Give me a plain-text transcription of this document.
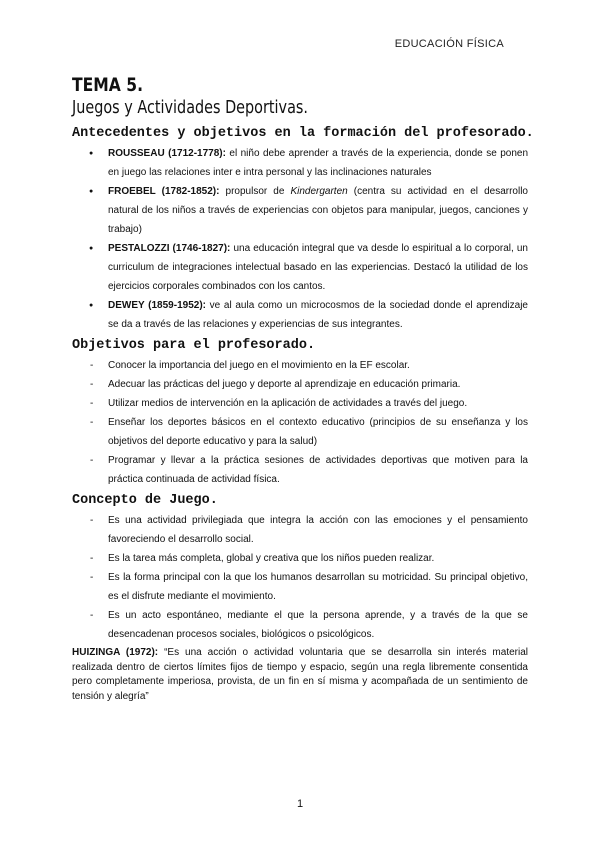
EDUCACIÓN FÍSICA
TEMA 5.
Juegos y Actividades Deportivas.
Antecedentes y objetivos en la formación del profesorado.
● ROUSSEAU (1712-1778): el niño debe aprender a través de la experiencia, donde se ponen en juego las relaciones inter e intra personal y las inclinaciones naturales
● FROEBEL (1782-1852): propulsor de Kindergarten (centra su actividad en el desarrollo natural de los niños a través de experiencias con objetos para manipular, juegos, canciones y trabajo)
● PESTALOZZI (1746-1827): una educación integral que va desde lo espiritual a lo corporal, un curriculum de integraciones intelectual basado en las experiencias. Destacó la utilidad de los ejercicios corporales combinados con los cantos.
● DEWEY (1859-1952): ve al aula como un microcosmos de la sociedad donde el aprendizaje se da a través de las relaciones y experiencias de sus integrantes.
Objetivos para el profesorado.
- Conocer la importancia del juego en el movimiento en la EF escolar.
- Adecuar las prácticas del juego y deporte al aprendizaje en educación primaria.
- Utilizar medios de intervención en la aplicación de actividades a través del juego.
- Enseñar los deportes básicos en el contexto educativo (principios de su enseñanza y los objetivos del deporte educativo y para la salud)
- Programar y llevar a la práctica sesiones de actividades deportivas que motiven para la práctica continuada de actividad física.
Concepto de Juego.
- Es una actividad privilegiada que integra la acción con las emociones y el pensamiento favoreciendo el desarrollo social.
- Es la tarea más completa, global y creativa que los niños pueden realizar.
- Es la forma principal con la que los humanos desarrollan su motricidad. Su principal objetivo, es el disfrute mediante el movimiento.
- Es un acto espontáneo, mediante el que la persona aprende, y a través de la que se desencadenan procesos sociales, biológicos o psicológicos.

HUIZINGA (1972): “Es una acción o actividad voluntaria que se desarrolla sin interés material realizada dentro de ciertos límites fijos de tiempo y espacio, según una regla libremente consentida pero completamente imperiosa, provista, de un fin en sí misma y acompañada de un sentimiento de tensión y alegría”

1
